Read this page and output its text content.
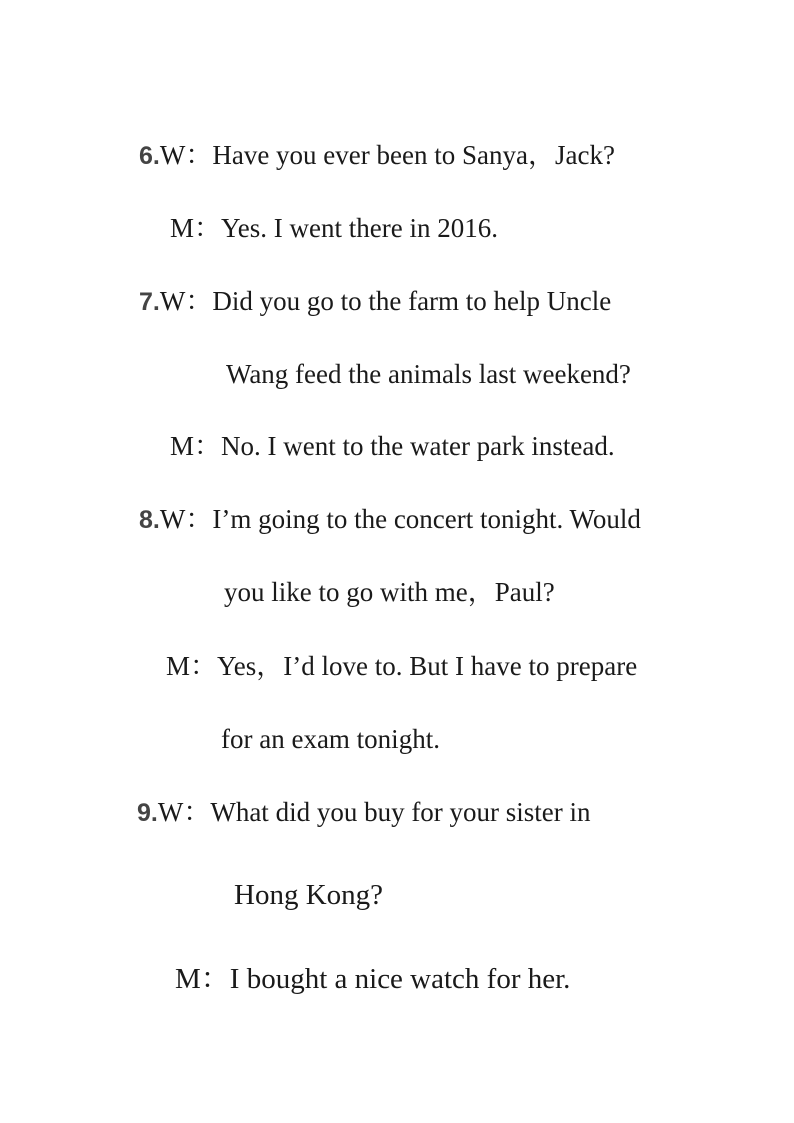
6.W：Have you ever been to Sanya，Jack?
M：Yes. I went there in 2016.
7.W：Did you go to the farm to help Uncle
Wang feed the animals last weekend?
M：No. I went to the water park instead.
8.W：I’m going to the concert tonight. Would
you like to go with me，Paul?
M：Yes，I’d love to. But I have to prepare
for an exam tonight.
9.W：What did you buy for your sister in
Hong Kong?
M：I bought a nice watch for her.
